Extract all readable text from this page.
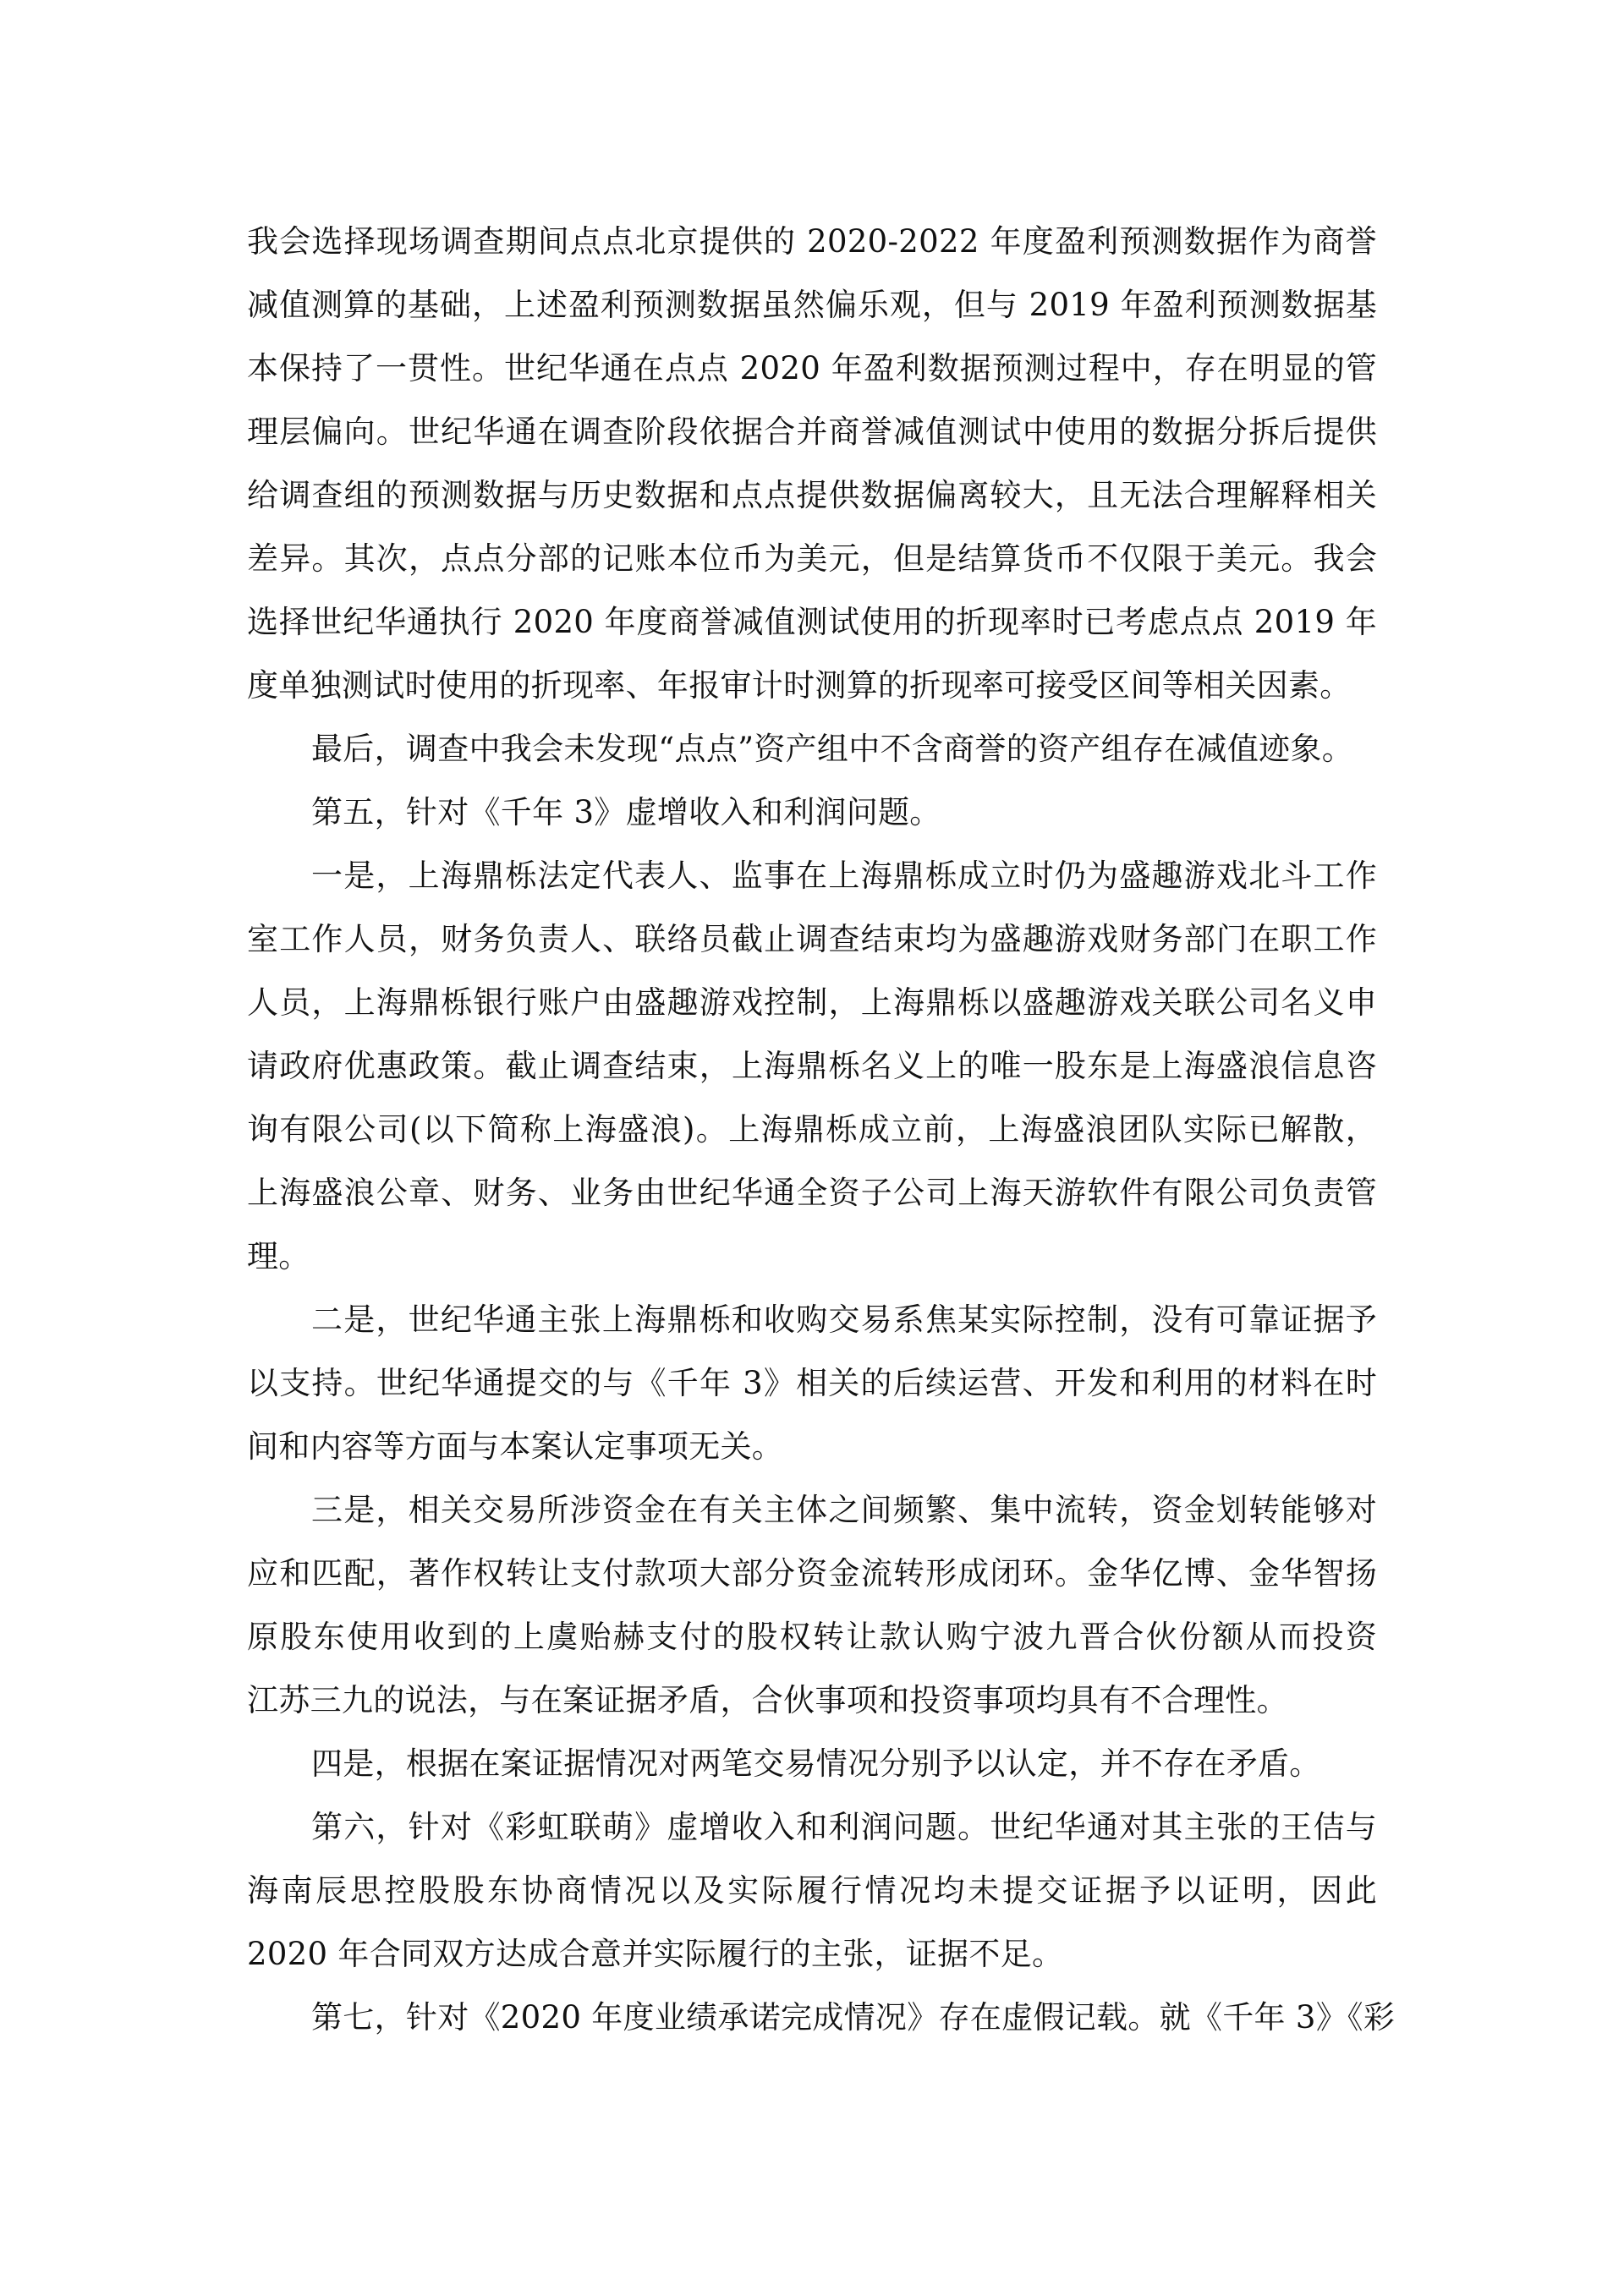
我会选择现场调查期间点点北京提供的 2020-2022 年度盈利预测数据作为商誉
减值测算的基础，上述盈利预测数据虽然偏乐观，但与 2019 年盈利预测数据基
本保持了一贯性。世纪华通在点点 2020 年盈利数据预测过程中，存在明显的管
理层偏向。世纪华通在调查阶段依据合并商誉减值测试中使用的数据分拆后提供
给调查组的预测数据与历史数据和点点提供数据偏离较大，且无法合理解释相关
差异。其次，点点分部的记账本位币为美元，但是结算货币不仅限于美元。我会
选择世纪华通执行 2020 年度商誉减值测试使用的折现率时已考虑点点 2019 年
度单独测试时使用的折现率、年报审计时测算的折现率可接受区间等相关因素。
最后，调查中我会未发现“点点”资产组中不含商誉的资产组存在减值迹象。
第五，针对《千年 3》虚增收入和利润问题。
一是，上海鼎栎法定代表人、监事在上海鼎栎成立时仍为盛趣游戏北斗工作
室工作人员，财务负责人、联络员截止调查结束均为盛趣游戏财务部门在职工作
人员，上海鼎栎银行账户由盛趣游戏控制，上海鼎栎以盛趣游戏关联公司名义申
请政府优惠政策。截止调查结束，上海鼎栎名义上的唯一股东是上海盛浪信息咨
询有限公司(以下简称上海盛浪)。上海鼎栎成立前，上海盛浪团队实际已解散，
上海盛浪公章、财务、业务由世纪华通全资子公司上海天游软件有限公司负责管
理。
二是，世纪华通主张上海鼎栎和收购交易系焦某实际控制，没有可靠证据予
以支持。世纪华通提交的与《千年 3》相关的后续运营、开发和利用的材料在时
间和内容等方面与本案认定事项无关。
三是，相关交易所涉资金在有关主体之间频繁、集中流转，资金划转能够对
应和匹配，著作权转让支付款项大部分资金流转形成闭环。金华亿博、金华智扬
原股东使用收到的上虞贻赫支付的股权转让款认购宁波九晋合伙份额从而投资
江苏三九的说法，与在案证据矛盾，合伙事项和投资事项均具有不合理性。
四是，根据在案证据情况对两笔交易情况分别予以认定，并不存在矛盾。
第六，针对《彩虹联萌》虚增收入和利润问题。世纪华通对其主张的王佶与
海南辰思控股股东协商情况以及实际履行情况均未提交证据予以证明，因此
2020 年合同双方达成合意并实际履行的主张，证据不足。
第七，针对《2020 年度业绩承诺完成情况》存在虚假记载。就《千年 3》《彩
